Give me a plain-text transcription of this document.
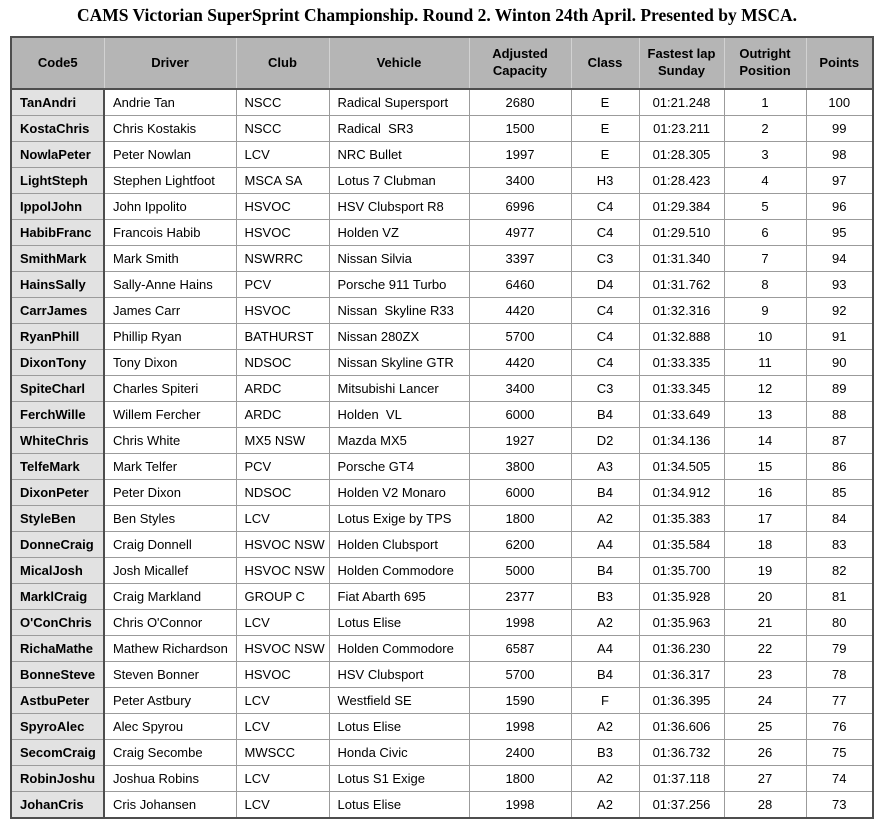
CAMS Victorian SuperSprint Championship. Round 2. Winton 24th April. Presented by MSCA.
Code5	Driver	Club	Vehicle	Adjusted Capacity	Class	Fastest lap Sunday	Outright Position	Points
TanAndri	Andrie Tan	NSCC	Radical Supersport	2680	E	01:21.248	1	100
KostaChris	Chris Kostakis	NSCC	Radical  SR3	1500	E	01:23.211	2	99
NowlaPeter	Peter Nowlan	LCV	NRC Bullet	1997	E	01:28.305	3	98
LightSteph	Stephen Lightfoot	MSCA SA	Lotus 7 Clubman	3400	H3	01:28.423	4	97
IppolJohn	John Ippolito	HSVOC	HSV Clubsport R8	6996	C4	01:29.384	5	96
HabibFranc	Francois Habib	HSVOC	Holden VZ	4977	C4	01:29.510	6	95
SmithMark	Mark Smith	NSWRRC	Nissan Silvia	3397	C3	01:31.340	7	94
HainsSally	Sally-Anne Hains	PCV	Porsche 911 Turbo	6460	D4	01:31.762	8	93
CarrJames	James Carr	HSVOC	Nissan  Skyline R33	4420	C4	01:32.316	9	92
RyanPhill	Phillip Ryan	BATHURST	Nissan 280ZX	5700	C4	01:32.888	10	91
DixonTony	Tony Dixon	NDSOC	Nissan Skyline GTR	4420	C4	01:33.335	11	90
SpiteCharl	Charles Spiteri	ARDC	Mitsubishi Lancer	3400	C3	01:33.345	12	89
FerchWille	Willem Fercher	ARDC	Holden  VL	6000	B4	01:33.649	13	88
WhiteChris	Chris White	MX5 NSW	Mazda MX5	1927	D2	01:34.136	14	87
TelfeMark	Mark Telfer	PCV	Porsche GT4	3800	A3	01:34.505	15	86
DixonPeter	Peter Dixon	NDSOC	Holden V2 Monaro	6000	B4	01:34.912	16	85
StyleBen	Ben Styles	LCV	Lotus Exige by TPS	1800	A2	01:35.383	17	84
DonneCraig	Craig Donnell	HSVOC NSW	Holden Clubsport	6200	A4	01:35.584	18	83
MicalJosh	Josh Micallef	HSVOC NSW	Holden Commodore	5000	B4	01:35.700	19	82
MarklCraig	Craig Markland	GROUP C	Fiat Abarth 695	2377	B3	01:35.928	20	81
O'ConChris	Chris O'Connor	LCV	Lotus Elise	1998	A2	01:35.963	21	80
RichaMathe	Mathew Richardson	HSVOC NSW	Holden Commodore	6587	A4	01:36.230	22	79
BonneSteve	Steven Bonner	HSVOC	HSV Clubsport	5700	B4	01:36.317	23	78
AstbuPeter	Peter Astbury	LCV	Westfield SE	1590	F	01:36.395	24	77
SpyroAlec	Alec Spyrou	LCV	Lotus Elise	1998	A2	01:36.606	25	76
SecomCraig	Craig Secombe	MWSCC	Honda Civic	2400	B3	01:36.732	26	75
RobinJoshu	Joshua Robins	LCV	Lotus S1 Exige	1800	A2	01:37.118	27	74
JohanCris	Cris Johansen	LCV	Lotus Elise	1998	A2	01:37.256	28	73
